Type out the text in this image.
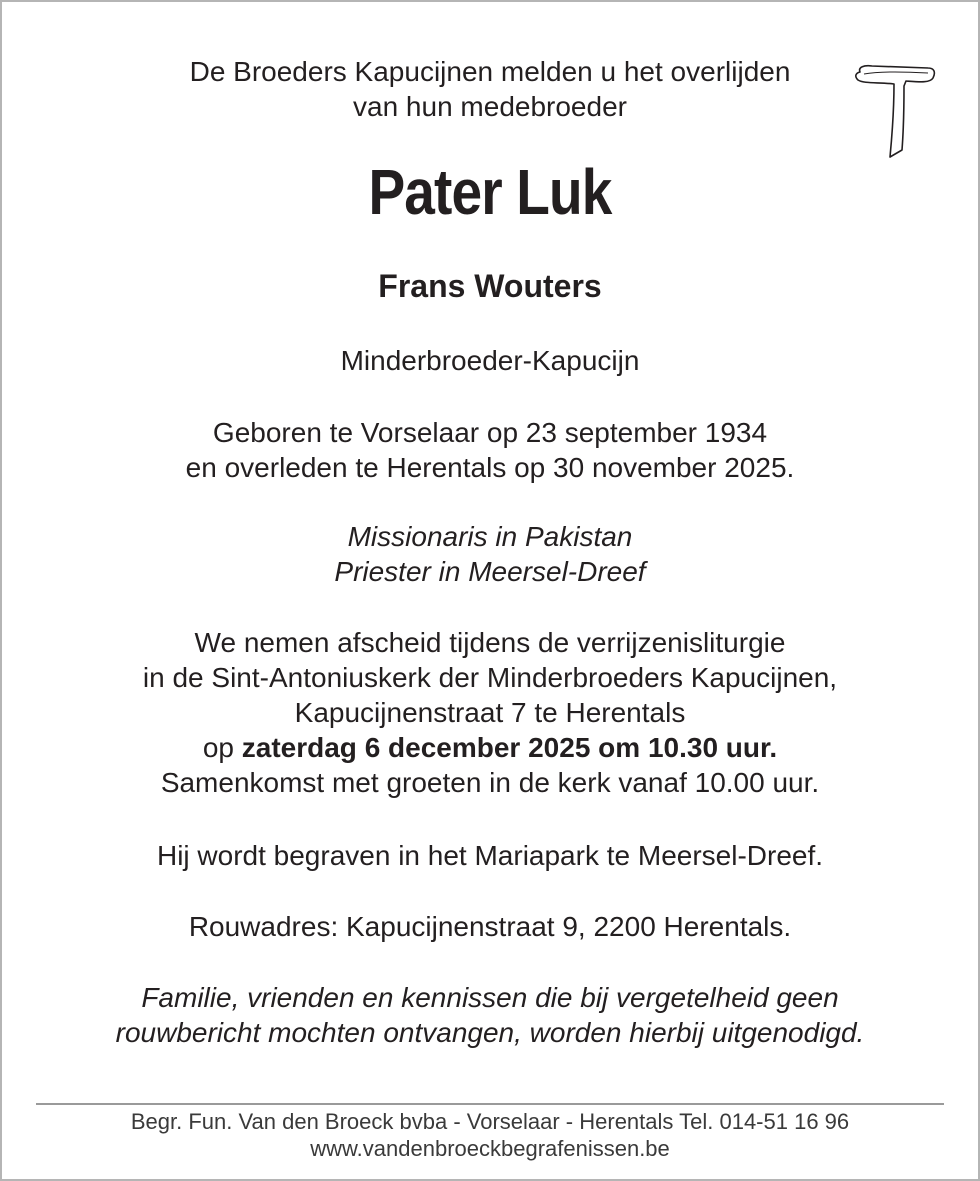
De Broeders Kapucijnen melden u het overlijden
van hun medebroeder
Pater Luk
Frans Wouters
Minderbroeder-Kapucijn
Geboren te Vorselaar op 23 september 1934
en overleden te Herentals op 30 november 2025.
Missionaris in Pakistan
Priester in Meersel-Dreef
We nemen afscheid tijdens de verrijzenisliturgie
in de Sint-Antoniuskerk der Minderbroeders Kapucijnen,
Kapucijnenstraat 7 te Herentals
op zaterdag 6 december 2025 om 10.30 uur.
Samenkomst met groeten in de kerk vanaf 10.00 uur.
Hij wordt begraven in het Mariapark te Meersel-Dreef.
Rouwadres: Kapucijnenstraat 9, 2200 Herentals.
Familie, vrienden en kennissen die bij vergetelheid geen
rouwbericht mochten ontvangen, worden hierbij uitgenodigd.
Begr. Fun. Van den Broeck bvba - Vorselaar - Herentals Tel. 014-51 16 96
www.vandenbroeckbegrafenissen.be
